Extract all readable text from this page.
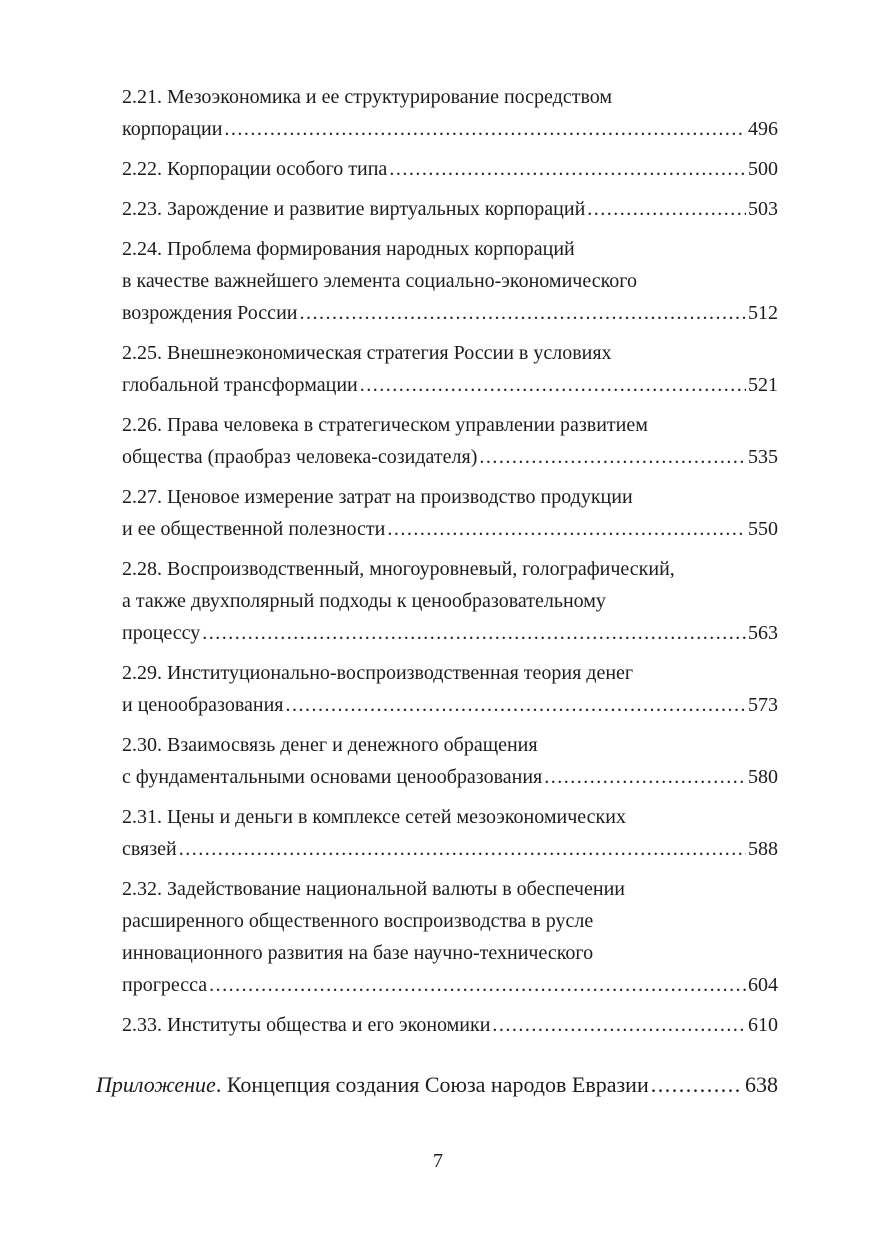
2.21. Мезоэкономика и ее структурирование посредством
корпорации .....	496
2.22. Корпорации особого типа .....	500
2.23. Зарождение и развитие виртуальных корпораций .....	503
2.24. Проблема формирования народных корпораций
в качестве важнейшего элемента социально-экономического
возрождения России .....	512
2.25. Внешнеэкономическая стратегия России в условиях
глобальной трансформации .....	521
2.26. Права человека в стратегическом управлении развитием
общества (праобраз человека-созидателя) .....	535
2.27. Ценовое измерение затрат на производство продукции
и ее общественной полезности .....	550
2.28. Воспроизводственный, многоуровневый, голографический,
а также двухполярный подходы к ценообразовательному
процессу .....	563
2.29. Институционально-воспроизводственная теория денег
и ценообразования .....	573
2.30. Взаимосвязь денег и денежного обращения
с фундаментальными основами ценообразования .....	580
2.31. Цены и деньги в комплексе сетей мезоэкономических
связей .....	588
2.32. Задействование национальной валюты в обеспечении
расширенного общественного воспроизводства в русле
инновационного развития на базе научно-технического
прогресса .....	604
2.33. Институты общества и его экономики .....	610
Приложение. Концепция создания Союза народов Евразии .....	638
7
